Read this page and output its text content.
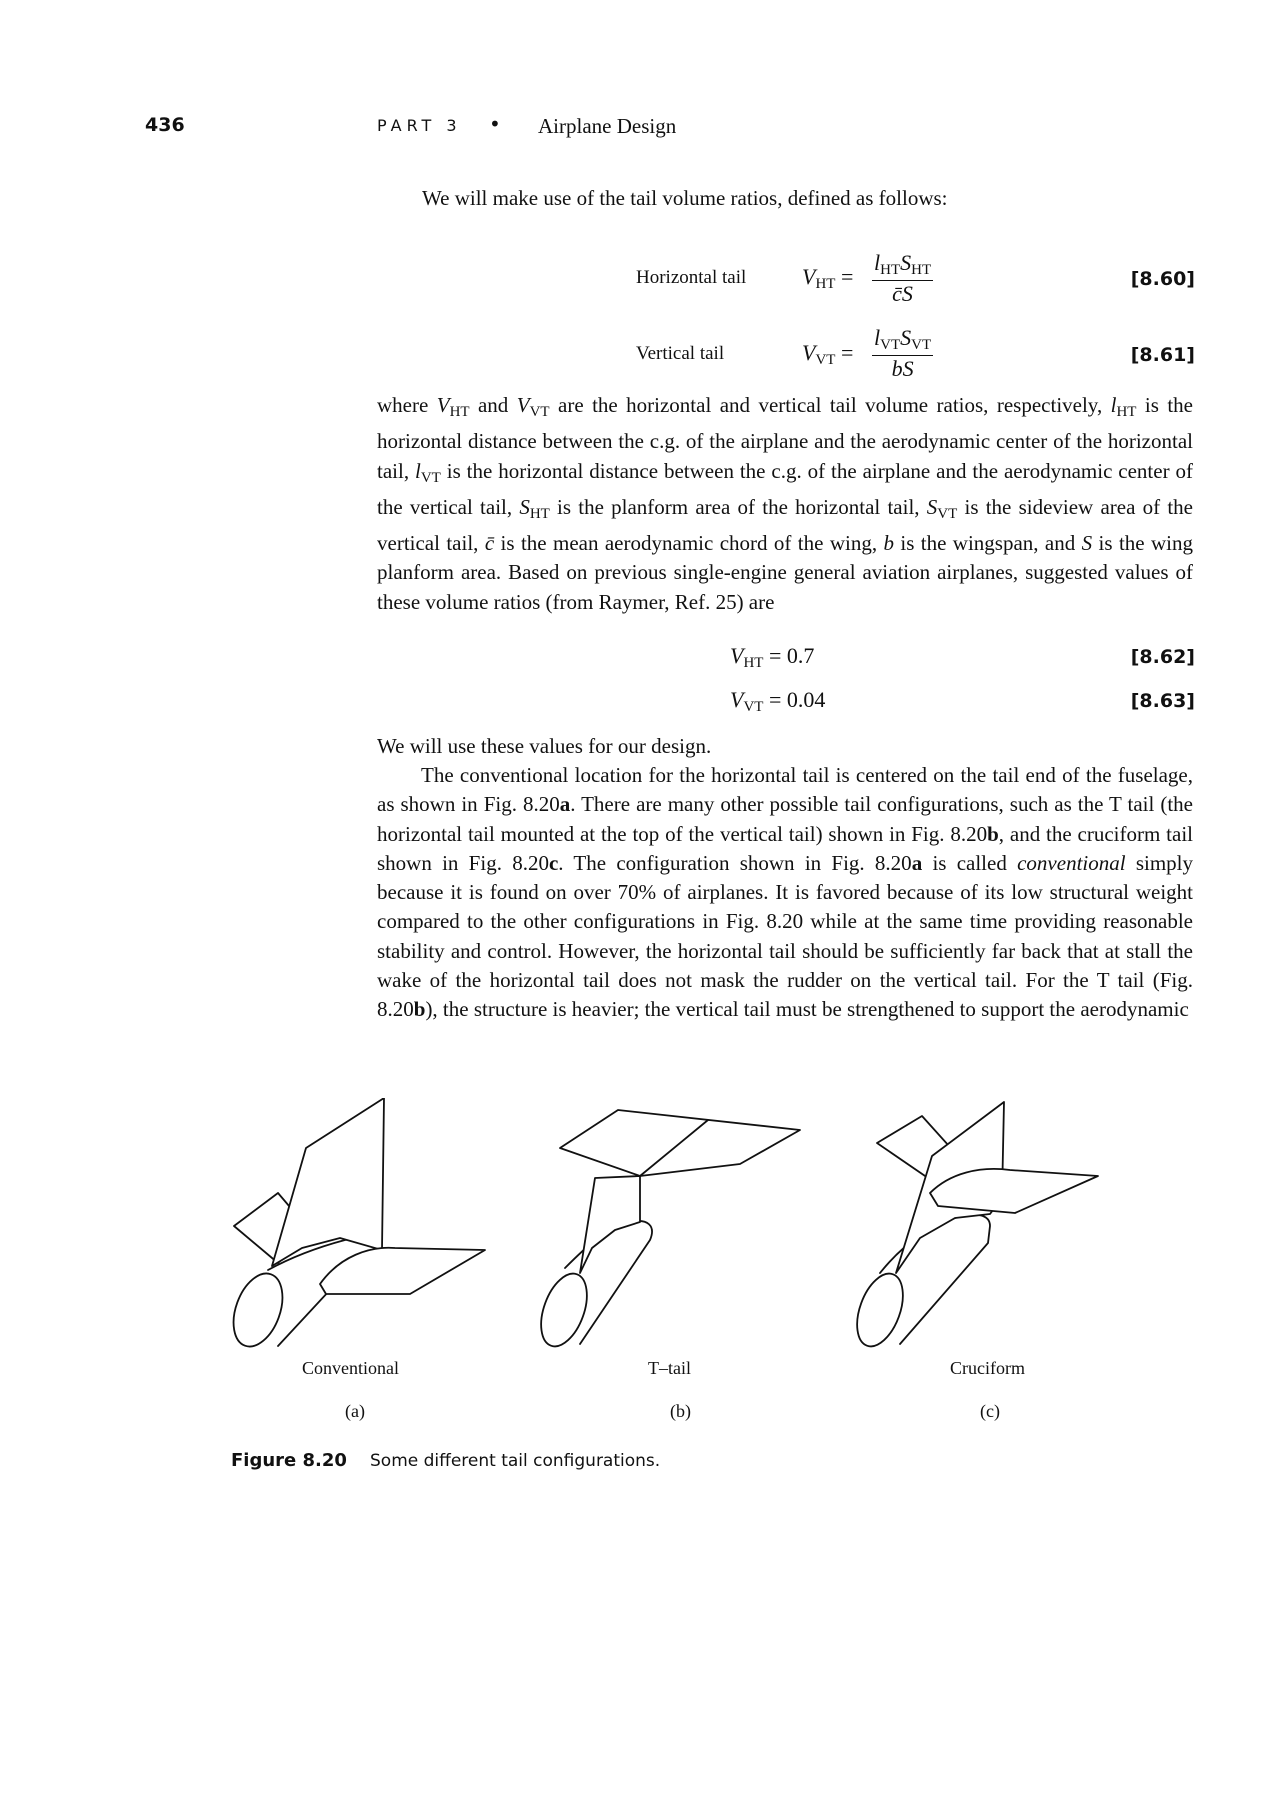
436	PART 3 • Airplane Design
We will make use of the tail volume ratios, defined as follows:
Horizontal tail	$V_{HT}$ =
$l_{HT}S_{HT}$
c̄S
[8.60]
Vertical tail	$V_{VT}$ =
$l_{VT}S_{VT}$
bS
[8.61]
where $V_{HT}$ and $V_{VT}$ are the horizontal and vertical tail volume ratios, respectively, $l_{HT}$ is the horizontal distance between the c.g. of the airplane and the aerodynamic center of the horizontal tail, $l_{VT}$ is the horizontal distance between the c.g. of the airplane and the aerodynamic center of the vertical tail, $S_{HT}$ is the planform area of the horizontal tail, $S_{VT}$ is the sideview area of the vertical tail, c̄ is the mean aerodynamic chord of the wing, b is the wingspan, and S is the wing planform area. Based on previous single-engine general aviation airplanes, suggested values of these volume ratios (from Raymer, Ref. 25) are
$V_{HT} = 0.7$	[8.62]
$V_{VT} = 0.04$	[8.63]
We will use these values for our design.
The conventional location for the horizontal tail is centered on the tail end of the fuselage, as shown in Fig. 8.20a. There are many other possible tail configurations, such as the T tail (the horizontal tail mounted at the top of the vertical tail) shown in Fig. 8.20b, and the cruciform tail shown in Fig. 8.20c. The configuration shown in Fig. 8.20a is called conventional simply because it is found on over 70% of airplanes. It is favored because of its low structural weight compared to the other configurations in Fig. 8.20 while at the same time providing reasonable stability and control. However, the horizontal tail should be sufficiently far back that at stall the wake of the horizontal tail does not mask the rudder on the vertical tail. For the T tail (Fig. 8.20b), the structure is heavier; the vertical tail must be strengthened to support the aerodynamic
Conventional	T–tail	Cruciform
(a)	(b)	(c)
Figure 8.20 Some different tail configurations.
